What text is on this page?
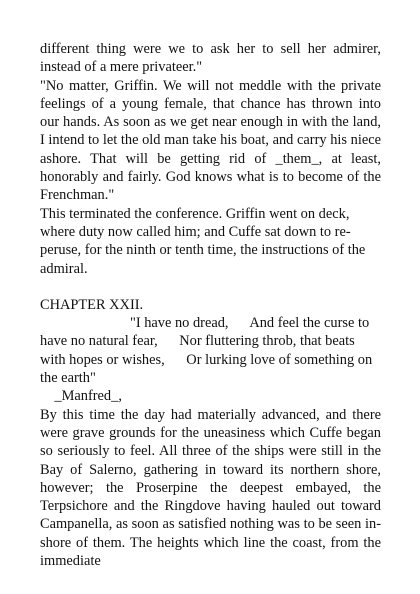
different thing were we to ask her to sell her admirer, instead of a mere privateer."

"No matter, Griffin. We will not meddle with the private feelings of a young female, that chance has thrown into our hands. As soon as we get near enough in with the land, I intend to let the old man take his boat, and carry his niece ashore. That will be getting rid of _them_, at least, honorably and fairly. God knows what is to become of the Frenchman."

This terminated the conference. Griffin went on deck, where duty now called him; and Cuffe sat down to re-peruse, for the ninth or tenth time, the instructions of the admiral.

CHAPTER XXII.

"I have no dread,      And feel the curse to have no natural fear,      Nor fluttering throb, that beats with hopes or wishes,      Or lurking love of something on the earth"

_Manfred_,

By this time the day had materially advanced, and there were grave grounds for the uneasiness which Cuffe began so seriously to feel. All three of the ships were still in the Bay of Salerno, gathering in toward its northern shore, however; the Proserpine the deepest embayed, the Terpsichore and the Ringdove having hauled out toward Campanella, as soon as satisfied nothing was to be seen in-shore of them. The heights which line the coast, from the immediate
